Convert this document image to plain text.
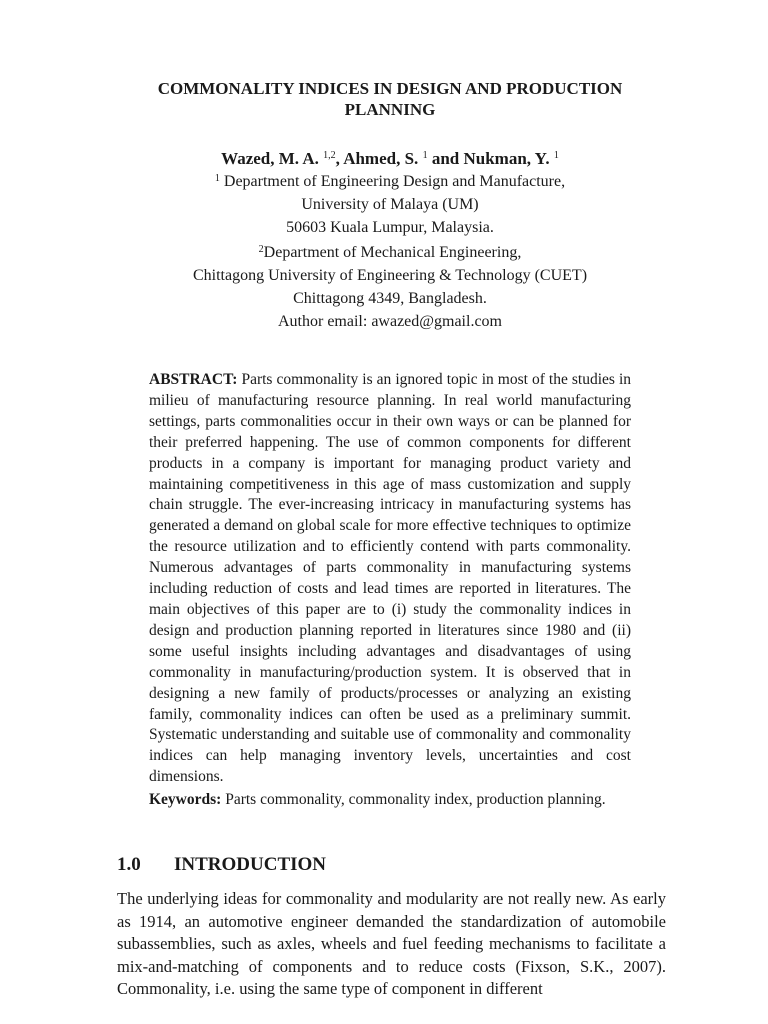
COMMONALITY INDICES IN DESIGN AND PRODUCTION
PLANNING
Wazed, M. A. $^{1,2}$, Ahmed, S. $^1$ and Nukman, Y. $^1$
$^1$ Department of Engineering Design and Manufacture,
University of Malaya (UM)
50603 Kuala Lumpur, Malaysia.
$^2$Department of Mechanical Engineering,
Chittagong University of Engineering & Technology (CUET)
Chittagong 4349, Bangladesh.
Author email: awazed@gmail.com
ABSTRACT: Parts commonality is an ignored topic in most of the studies in milieu of manufacturing resource planning. In real world manufacturing settings, parts commonalities occur in their own ways or can be planned for their preferred happening. The use of common components for different products in a company is important for managing product variety and maintaining competitiveness in this age of mass customization and supply chain struggle. The ever-increasing intricacy in manufacturing systems has generated a demand on global scale for more effective techniques to optimize the resource utilization and to efficiently contend with parts commonality. Numerous advantages of parts commonality in manufacturing systems including reduction of costs and lead times are reported in literatures. The main objectives of this paper are to (i) study the commonality indices in design and production planning reported in literatures since 1980 and (ii) some useful insights including advantages and disadvantages of using commonality in manufacturing/production system. It is observed that in designing a new family of products/processes or analyzing an existing family, commonality indices can often be used as a preliminary summit. Systematic understanding and suitable use of commonality and commonality indices can help managing inventory levels, uncertainties and cost dimensions.
Keywords: Parts commonality, commonality index, production planning.
1.0 INTRODUCTION
The underlying ideas for commonality and modularity are not really new. As early as 1914, an automotive engineer demanded the standardization of automobile subassemblies, such as axles, wheels and fuel feeding mechanisms to facilitate a mix-and-matching of components and to reduce costs (Fixson, S.K., 2007). Commonality, i.e. using the same type of component in different
